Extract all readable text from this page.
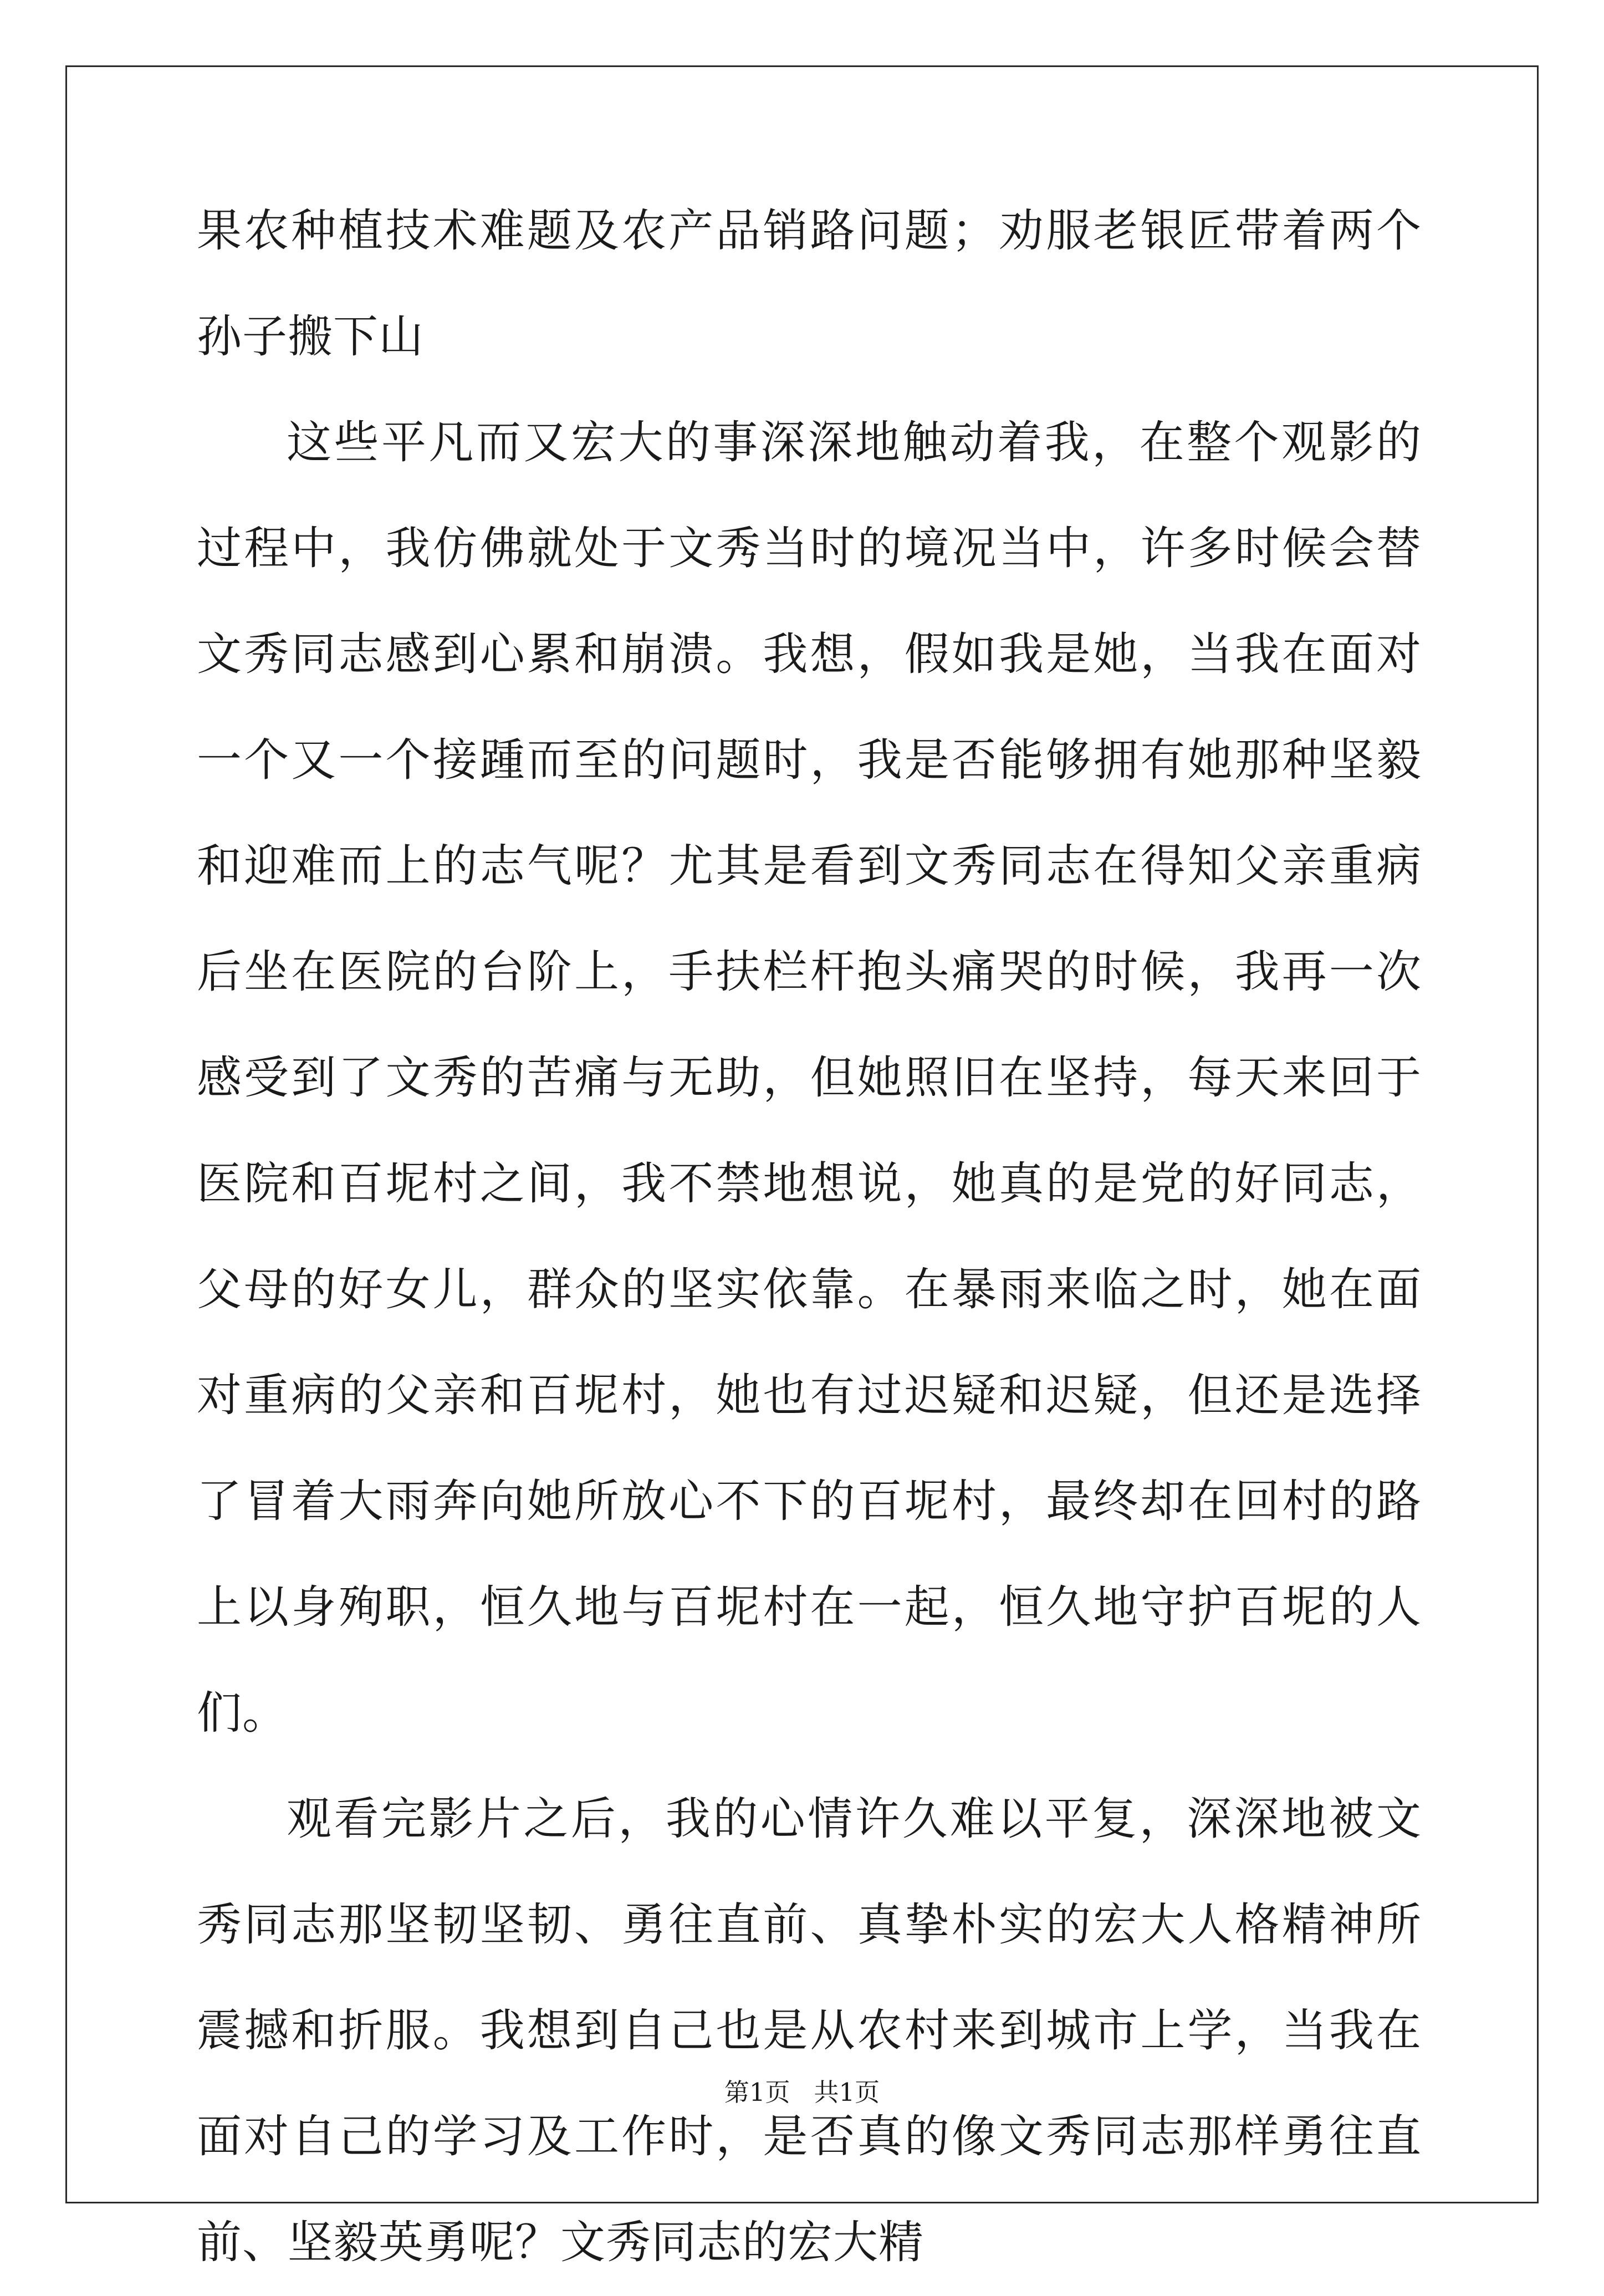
果农种植技术难题及农产品销路问题；劝服老银匠带着两个孙子搬下山

这些平凡而又宏大的事深深地触动着我，在整个观影的过程中，我仿佛就处于文秀当时的境况当中，许多时候会替文秀同志感到心累和崩溃。我想，假如我是她，当我在面对一个又一个接踵而至的问题时，我是否能够拥有她那种坚毅和迎难而上的志气呢？尤其是看到文秀同志在得知父亲重病后坐在医院的台阶上，手扶栏杆抱头痛哭的时候，我再一次感受到了文秀的苦痛与无助，但她照旧在坚持，每天来回于医院和百坭村之间，我不禁地想说，她真的是党的好同志，父母的好女儿，群众的坚实依靠。在暴雨来临之时，她在面对重病的父亲和百坭村，她也有过迟疑和迟疑，但还是选择了冒着大雨奔向她所放心不下的百坭村，最终却在回村的路上以身殉职，恒久地与百坭村在一起，恒久地守护百坭的人们。

观看完影片之后，我的心情许久难以平复，深深地被文秀同志那坚韧坚韧、勇往直前、真挚朴实的宏大人格精神所震撼和折服。我想到自己也是从农村来到城市上学，当我在面对自己的学习及工作时，是否真的像文秀同志那样勇往直前、坚毅英勇呢？文秀同志的宏大精

第1页   共1页
